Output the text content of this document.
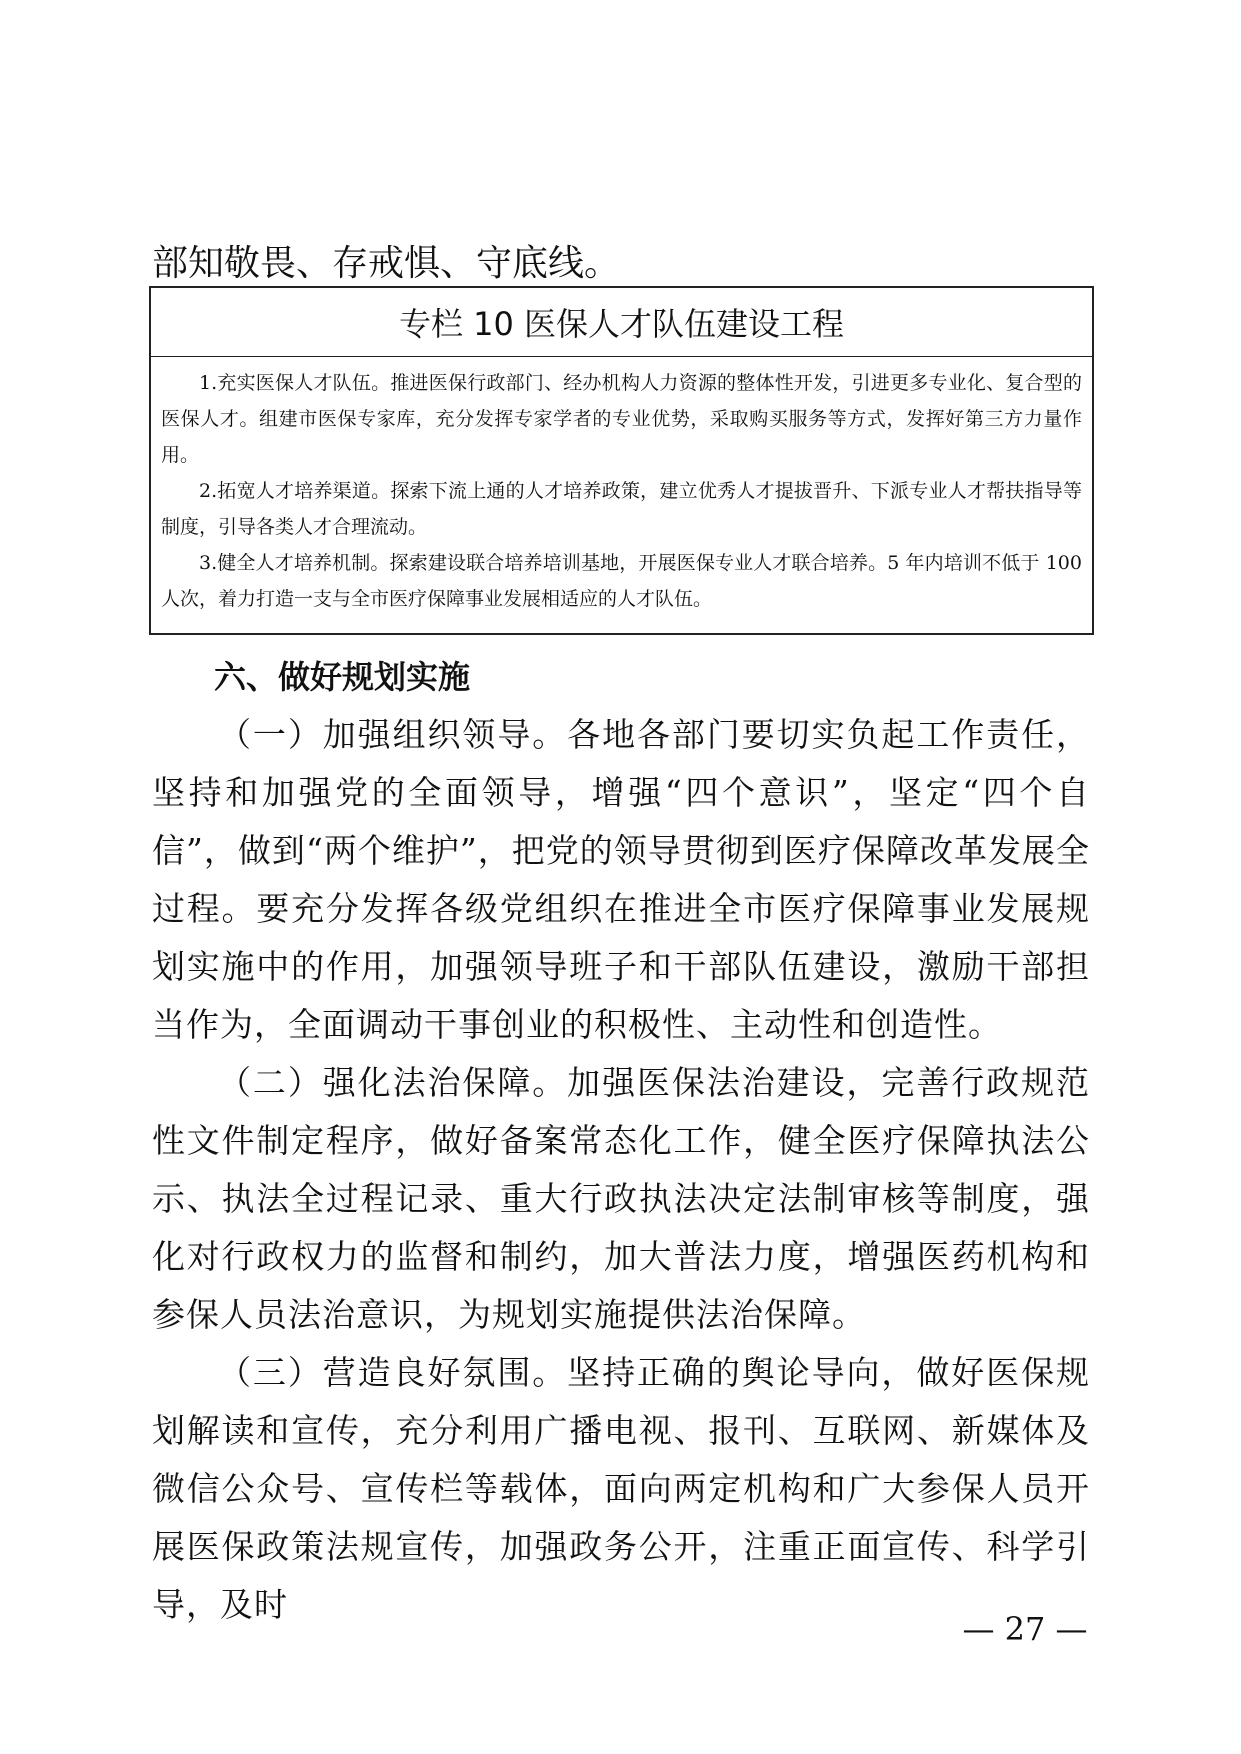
部知敬畏、存戒惧、守底线。

专栏 10 医保人才队伍建设工程

1.充实医保人才队伍。推进医保行政部门、经办机构人力资源的整体性开发，引进更多专业化、复合型的医保人才。组建市医保专家库，充分发挥专家学者的专业优势，采取购买服务等方式，发挥好第三方力量作用。

2.拓宽人才培养渠道。探索下流上通的人才培养政策，建立优秀人才提拔晋升、下派专业人才帮扶指导等制度，引导各类人才合理流动。

3.健全人才培养机制。探索建设联合培养培训基地，开展医保专业人才联合培养。5 年内培训不低于 100 人次，着力打造一支与全市医疗保障事业发展相适应的人才队伍。

六、做好规划实施

（一）加强组织领导。各地各部门要切实负起工作责任，坚持和加强党的全面领导，增强“四个意识”，坚定“四个自信”，做到“两个维护”，把党的领导贯彻到医疗保障改革发展全过程。要充分发挥各级党组织在推进全市医疗保障事业发展规划实施中的作用，加强领导班子和干部队伍建设，激励干部担当作为，全面调动干事创业的积极性、主动性和创造性。

（二）强化法治保障。加强医保法治建设，完善行政规范性文件制定程序，做好备案常态化工作，健全医疗保障执法公示、执法全过程记录、重大行政执法决定法制审核等制度，强化对行政权力的监督和制约，加大普法力度，增强医药机构和参保人员法治意识，为规划实施提供法治保障。

（三）营造良好氛围。坚持正确的舆论导向，做好医保规划解读和宣传，充分利用广播电视、报刊、互联网、新媒体及微信公众号、宣传栏等载体，面向两定机构和广大参保人员开展医保政策法规宣传，加强政务公开，注重正面宣传、科学引导，及时

— 27 —
